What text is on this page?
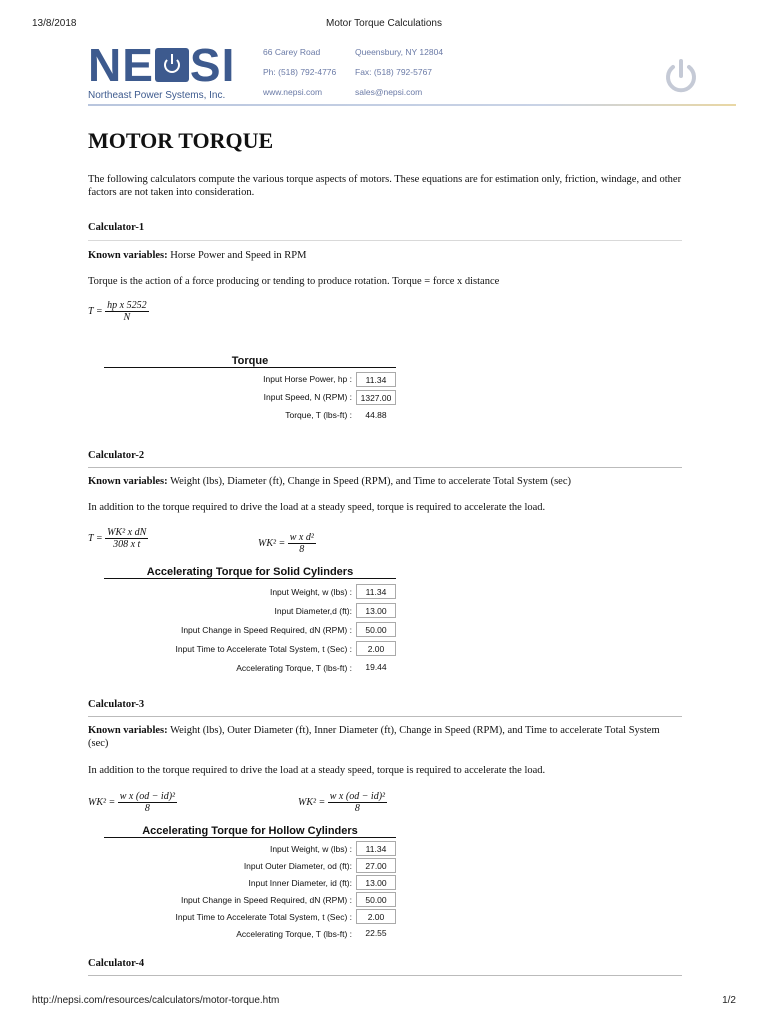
13/8/2018	Motor Torque Calculations
NE SI
Northeast Power Systems, Inc.
66 Carey Road
Ph: (518) 792-4776
www.nepsi.com
Queensbury, NY 12804
Fax: (518) 792-5767
sales@nepsi.com
MOTOR TORQUE
The following calculators compute the various torque aspects of motors. These equations are for estimation only, friction, windage, and other factors are not taken into consideration.
Calculator-1
Known variables: Horse Power and Speed in RPM
Torque is the action of a force producing or tending to produce rotation. Torque = force x distance
$T = \frac{\text{hp x 5252}}{N}$
Torque
Input Horse Power, hp :	11.34
Input Speed, N (RPM) :	1327.00
Torque, T (lbs-ft) :	44.88
Calculator-2
Known variables: Weight (lbs), Diameter (ft), Change in Speed (RPM), and Time to accelerate Total System (sec)
In addition to the torque required to drive the load at a steady speed, torque is required to accelerate the load.
$T = \frac{\text{WK² x dN}}{\text{308 x t}}$	$WK^2 = \frac{\text{w x d²}}{8}$
Accelerating Torque for Solid Cylinders
Input Weight, w (lbs) :	11.34
Input Diameter,d (ft):	13.00
Input Change in Speed Required, dN (RPM) :	50.00
Input Time to Accelerate Total System, t (Sec) :	2.00
Accelerating Torque, T (lbs-ft) :	19.44
Calculator-3
Known variables: Weight (lbs), Outer Diameter (ft), Inner Diameter (ft), Change in Speed (RPM), and Time to accelerate Total System (sec)
In addition to the torque required to drive the load at a steady speed, torque is required to accelerate the load.
$WK^2 = \frac{\text{w x (od − id)²}}{8}$	$WK^2 = \frac{\text{w x (od − id)²}}{8}$
Accelerating Torque for Hollow Cylinders
Input Weight, w (lbs) :	11.34
Input Outer Diameter, od (ft):	27.00
Input Inner Diameter, id (ft):	13.00
Input Change in Speed Required, dN (RPM) :	50.00
Input Time to Accelerate Total System, t (Sec) :	2.00
Accelerating Torque, T (lbs-ft) :	22.55
Calculator-4
http://nepsi.com/resources/calculators/motor-torque.htm	1/2
